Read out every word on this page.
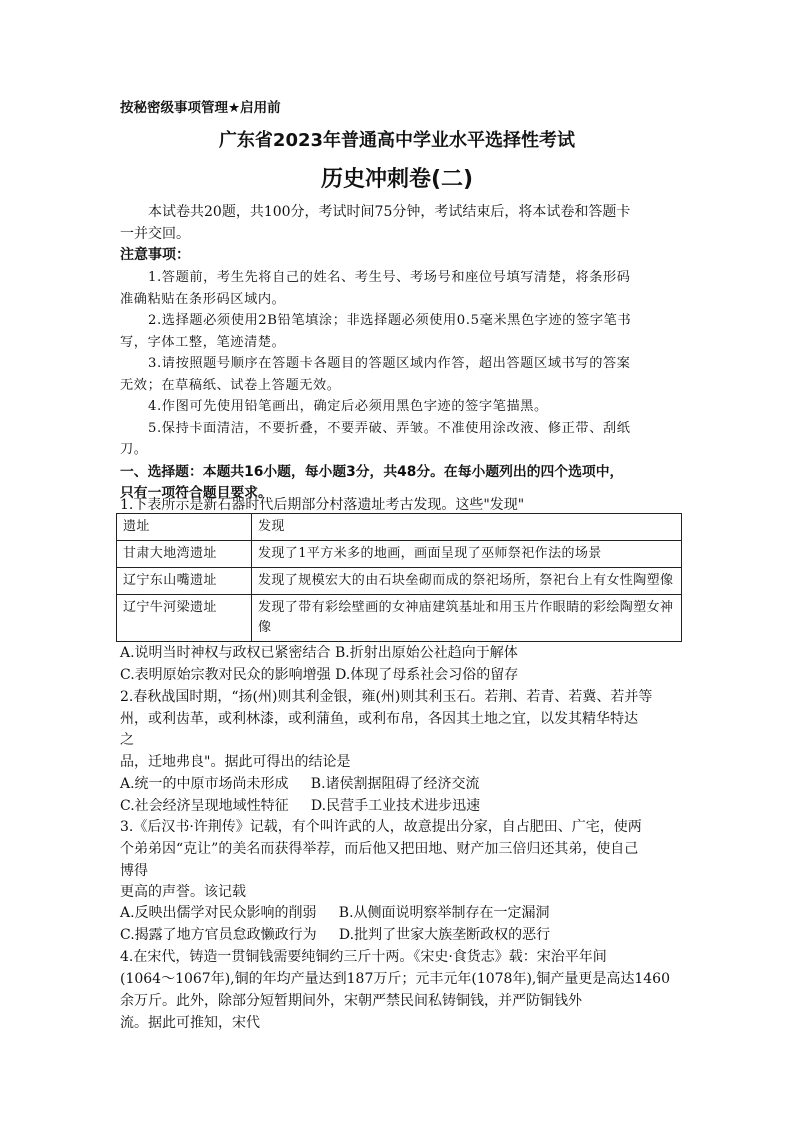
按秘密级事项管理★启用前
广东省2023年普通高中学业水平选择性考试
历史冲刺卷(二)
本试卷共20题，共100分，考试时间75分钟，考试结束后，将本试卷和答题卡
一并交回。
注意事项：
1.答题前，考生先将自己的姓名、考生号、考场号和座位号填写清楚，将条形码
准确粘贴在条形码区域内。
2.选择题必须使用2B铅笔填涂；非选择题必须使用0.5毫米黑色字迹的签字笔书
写，字体工整，笔迹清楚。
3.请按照题号顺序在答题卡各题目的答题区域内作答，超出答题区域书写的答案
无效；在草稿纸、试卷上答题无效。
4.作图可先使用铅笔画出，确定后必须用黑色字迹的签字笔描黑。
5.保持卡面清洁，不要折叠，不要弄破、弄皱。不准使用涂改液、修正带、刮纸
刀。
一、选择题：本题共16小题，每小题3分，共48分。在每小题列出的四个选项中，
只有一项符合题目要求。
1.下表所示是新石器时代后期部分村落遗址考古发现。这些"发现"
遗址	发现
甘肃大地湾遗址	发现了1平方米多的地画，画面呈现了巫师祭祀作法的场景
辽宁东山嘴遗址	发现了规模宏大的由石块垒砌而成的祭祀场所，祭祀台上有女性陶塑像
辽宁牛河梁遗址	发现了带有彩绘壁画的女神庙建筑基址和用玉片作眼睛的彩绘陶塑女神像
A.说明当时神权与政权已紧密结合 B.折射出原始公社趋向于解体
C.表明原始宗教对民众的影响增强 D.体现了母系社会习俗的留存
2.春秋战国时期，“扬(州)则其利金银，雍(州)则其利玉石。若荆、若青、若冀、若并等
州，或利齿革，或利林漆，或利蒲鱼，或利布帛，各因其土地之宜，以发其精华特达
之
品，迁地弗良"。据此可得出的结论是
A.统一的中原市场尚未形成     B.诸侯割据阻碍了经济交流
C.社会经济呈现地域性特征     D.民营手工业技术进步迅速
3.《后汉书·许荆传》记载，有个叫许武的人，故意提出分家，自占肥田、广宅，使两
个弟弟因“克让”的美名而获得举荐，而后他又把田地、财产加三倍归还其弟，使自己
博得
更高的声誉。该记载
A.反映出儒学对民众影响的削弱     B.从侧面说明察举制存在一定漏洞
C.揭露了地方官员怠政懒政行为     D.批判了世家大族垄断政权的恶行
4.在宋代，铸造一贯铜钱需要纯铜约三斤十两。《宋史·食货志》载：宋治平年间
(1064～1067年),铜的年均产量达到187万斤；元丰元年(1078年),铜产量更是高达1460
余万斤。此外，除部分短暂期间外，宋朝严禁民间私铸铜钱，并严防铜钱外
流。据此可推知，宋代
